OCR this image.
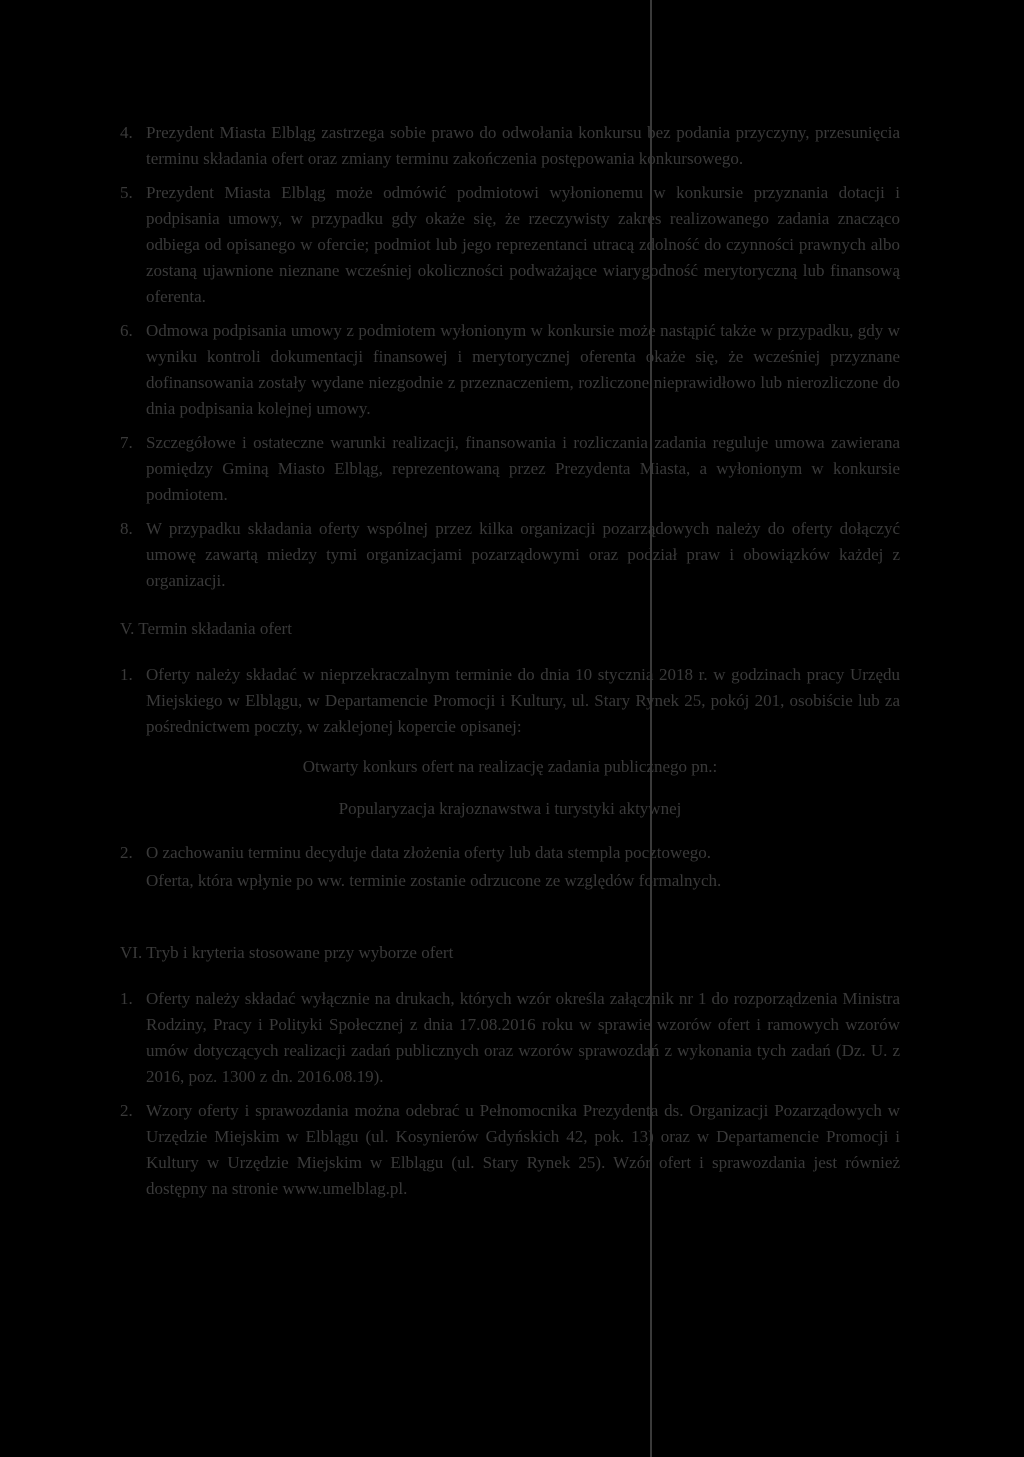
4. Prezydent Miasta Elbląg zastrzega sobie prawo do odwołania konkursu bez podania przyczyny, przesunięcia terminu składania ofert oraz zmiany terminu zakończenia postępowania konkursowego.
5. Prezydent Miasta Elbląg może odmówić podmiotowi wyłonionemu w konkursie przyznania dotacji i podpisania umowy, w przypadku gdy okaże się, że rzeczywisty zakres realizowanego zadania znacząco odbiega od opisanego w ofercie; podmiot lub jego reprezentanci utracą zdolność do czynności prawnych albo zostaną ujawnione nieznane wcześniej okoliczności podważające wiarygodność merytoryczną lub finansową oferenta.
6. Odmowa podpisania umowy z podmiotem wyłonionym w konkursie może nastąpić także w przypadku, gdy w wyniku kontroli dokumentacji finansowej i merytorycznej oferenta okaże się, że wcześniej przyznane dofinansowania zostały wydane niezgodnie z przeznaczeniem, rozliczone nieprawidłowo lub nierozliczone do dnia podpisania kolejnej umowy.
7. Szczegółowe i ostateczne warunki realizacji, finansowania i rozliczania zadania reguluje umowa zawierana pomiędzy Gminą Miasto Elbląg, reprezentowaną przez Prezydenta Miasta, a wyłonionym w konkursie podmiotem.
8. W przypadku składania oferty wspólnej przez kilka organizacji pozarządowych należy do oferty dołączyć umowę zawartą miedzy tymi organizacjami pozarządowymi oraz podział praw i obowiązków każdej z organizacji.
V. Termin składania ofert
1. Oferty należy składać w nieprzekraczalnym terminie do dnia 10 stycznia 2018 r. w godzinach pracy Urzędu Miejskiego w Elblągu, w Departamencie Promocji i Kultury, ul. Stary Rynek 25, pokój 201, osobiście lub za pośrednictwem poczty, w zaklejonej kopercie opisanej:
Otwarty konkurs ofert na realizację zadania publicznego pn.:
Popularyzacja krajoznawstwa i turystyki aktywnej
2. O zachowaniu terminu decyduje data złożenia oferty lub data stempla pocztowego.
Oferta, która wpłynie po ww. terminie zostanie odrzucone ze względów formalnych.
VI. Tryb i kryteria stosowane przy wyborze ofert
1. Oferty należy składać wyłącznie na drukach, których wzór określa załącznik nr 1 do rozporządzenia Ministra Rodziny, Pracy i Polityki Społecznej z dnia 17.08.2016 roku w sprawie wzorów ofert i ramowych wzorów umów dotyczących realizacji zadań publicznych oraz wzorów sprawozdań z wykonania tych zadań (Dz. U. z 2016, poz. 1300 z dn. 2016.08.19).
2. Wzory oferty i sprawozdania można odebrać u Pełnomocnika Prezydenta ds. Organizacji Pozarządowych w Urzędzie Miejskim w Elblągu (ul. Kosynierów Gdyńskich 42, pok. 13) oraz w Departamencie Promocji i Kultury w Urzędzie Miejskim w Elblągu (ul. Stary Rynek 25). Wzór ofert i sprawozdania jest również dostępny na stronie www.umelblag.pl.
